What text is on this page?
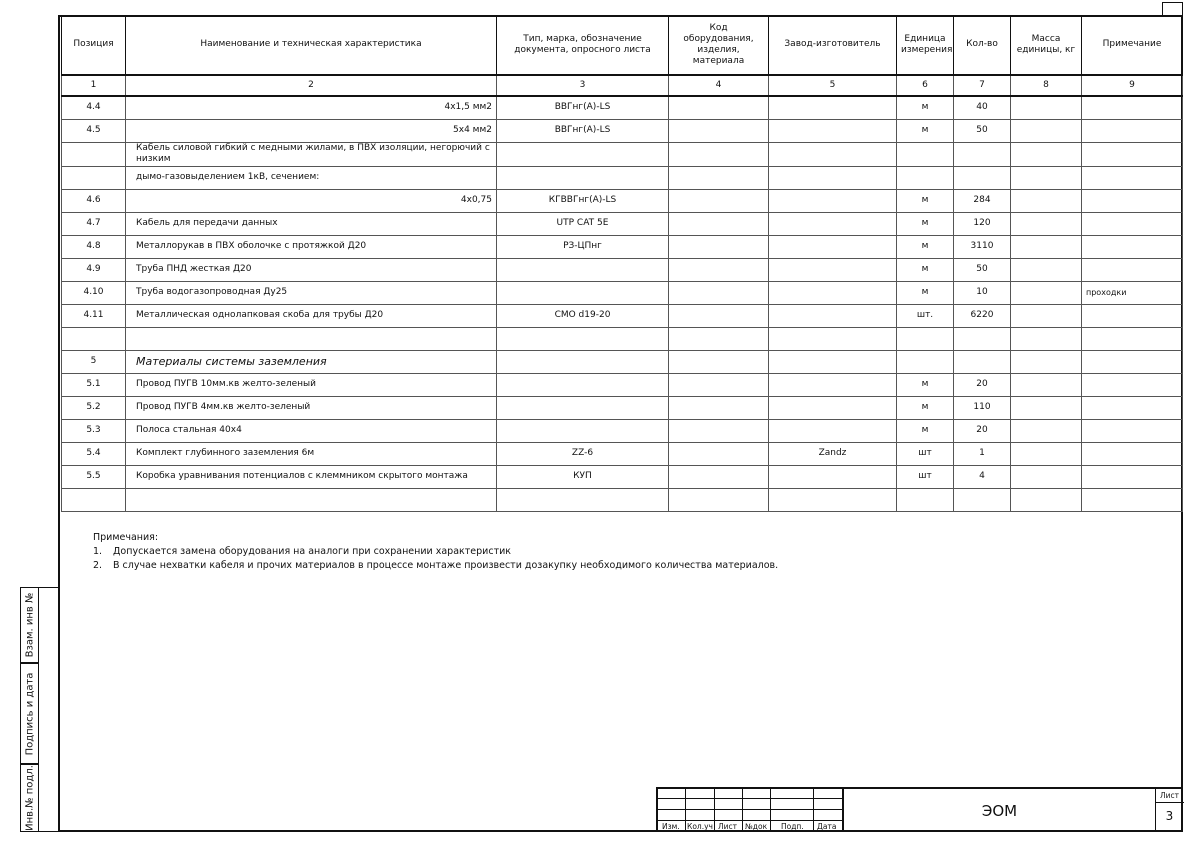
Позиция	Наименование и техническая характеристика	Тип, марка, обозначение документа, опросного листа	Код оборудования, изделия, материала	Завод-изготовитель	Единица измерения	Кол-во	Масса единицы, кг	Примечание
1	2	3	4	5	6	7	8	9
4.4	4х1,5 мм2	ВВГнг(А)-LS			м	40		
4.5	5х4 мм2	ВВГнг(А)-LS			м	50		
	Кабель силовой гибкий с медными жилами, в ПВХ изоляции, негорючий с низким							
	дымо-газовыделением 1кВ, сечением:							
4.6	4х0,75	КГВВГнг(А)-LS			м	284		
4.7	Кабель для передачи данных	UTP CAT 5E			м	120		
4.8	Металлорукав в ПВХ оболочке с протяжкой Д20	РЗ-ЦПнг			м	3110		
4.9	Труба ПНД жесткая Д20				м	50		
4.10	Труба водогазопроводная Ду25				м	10		проходки
4.11	Металлическая однолапковая скоба для трубы Д20	СМО d19-20			шт.	6220		

5	Материалы системы заземления							
5.1	Провод ПУГВ 10мм.кв желто-зеленый				м	20		
5.2	Провод ПУГВ 4мм.кв желто-зеленый				м	110		
5.3	Полоса стальная 40х4				м	20		
5.4	Комплект глубинного заземления 6м	ZZ-6		Zandz	шт	1		
5.5	Коробка уравнивания потенциалов с клеммником скрытого монтажа	КУП			шт	4		

Примечания:
1. Допускается замена оборудования на аналоги при сохранении характеристик
2. В случае нехватки кабеля и прочих материалов в процессе монтаже произвести дозакупку необходимого количества материалов.
Взам. инв №
Подпись и дата
Инв.№ подл.	Изм. Кол.уч Лист №док Подп. Дата
ЭОМ
Лист
3
